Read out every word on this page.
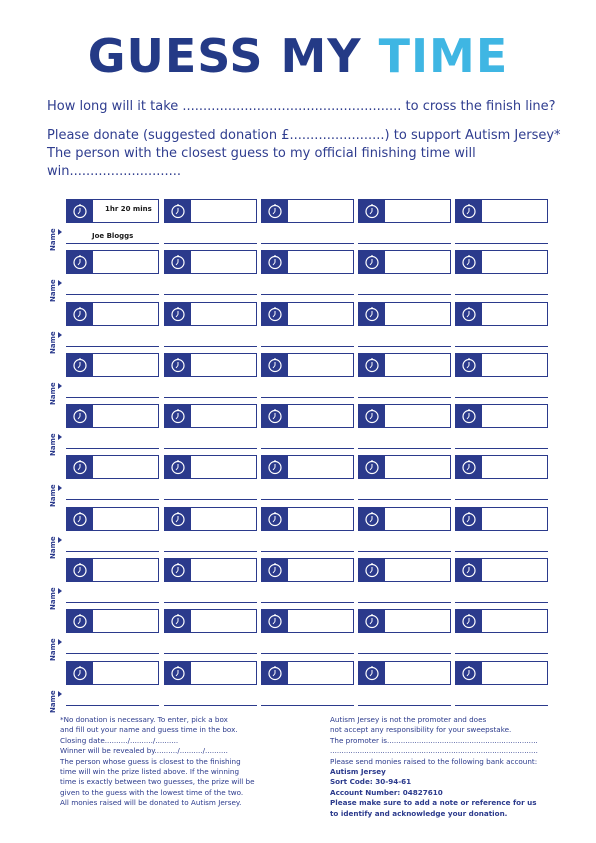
GUESS MY TIME
How long will it take ..................................................... to cross the finish line?
Please donate (suggested donation £.......................) to support Autism Jersey*
The person with the closest guess to my official finishing time will
win...........................
Name
1hr 20 mins
Joe Bloggs
Name
Name
Name
Name
Name
Name
Name
Name
Name
*No donation is necessary. To enter, pick a box
and fill out your name and guess time in the box.
Closing date........../........../..........
Winner will be revealed by........../........../..........
The person whose guess is closest to the finishing
time will win the prize listed above. If the winning
time is exactly between two guesses, the prize will be
given to the guess with the lowest time of the two.
All monies raised will be donated to Autism Jersey.
Autism Jersey is not the promoter and does
not accept any responsibility for your sweepstake.
The promoter is..................................................................
...........................................................................................
Please send monies raised to the following bank account:
Autism Jersey
Sort Code: 30-94-61
Account Number: 04827610
Please make sure to add a note or reference for us
to identify and acknowledge your donation.
